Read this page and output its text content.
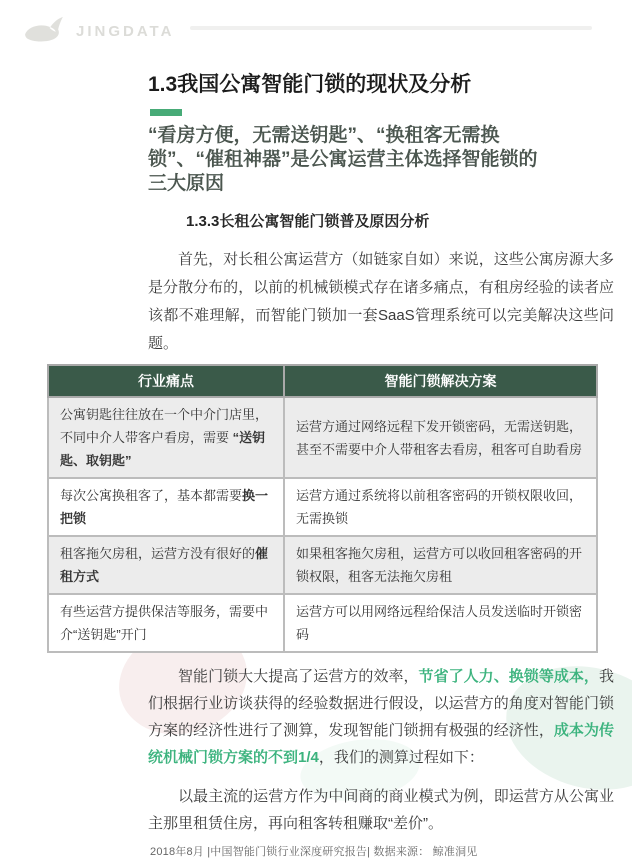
JINGDATA
1.3我国公寓智能门锁的现状及分析
“看房方便，无需送钥匙”、“换租客无需换锁”、“催租神器”是公寓运营主体选择智能锁的三大原因
1.3.3长租公寓智能门锁普及原因分析

首先，对长租公寓运营方（如链家自如）来说，这些公寓房源大多是分散分布的，以前的机械锁模式存在诸多痛点，有租房经验的读者应该都不难理解，而智能门锁加一套SaaS管理系统可以完美解决这些问题。

行业痛点	智能门锁解决方案
公寓钥匙往往放在一个中介门店里，不同中介人带客户看房，需要 “送钥匙、取钥匙”	运营方通过网络远程下发开锁密码，无需送钥匙，甚至不需要中介人带租客去看房，租客可自助看房
每次公寓换租客了，基本都需要换一把锁	运营方通过系统将以前租客密码的开锁权限收回，无需换锁
租客拖欠房租，运营方没有很好的催租方式	如果租客拖欠房租，运营方可以收回租客密码的开锁权限，租客无法拖欠房租
有些运营方提供保洁等服务，需要中介“送钥匙”开门	运营方可以用网络远程给保洁人员发送临时开锁密码

智能门锁大大提高了运营方的效率，节省了人力、换锁等成本，我们根据行业访谈获得的经验数据进行假设，以运营方的角度对智能门锁方案的经济性进行了测算，发现智能门锁拥有极强的经济性，成本为传统机械门锁方案的不到1/4，我们的测算过程如下：

以最主流的运营方作为中间商的商业模式为例，即运营方从公寓业主那里租赁住房，再向租客转租赚取“差价”。

2018年8月 |中国智能门锁行业深度研究报告| 数据来源： 鲸准洞见
